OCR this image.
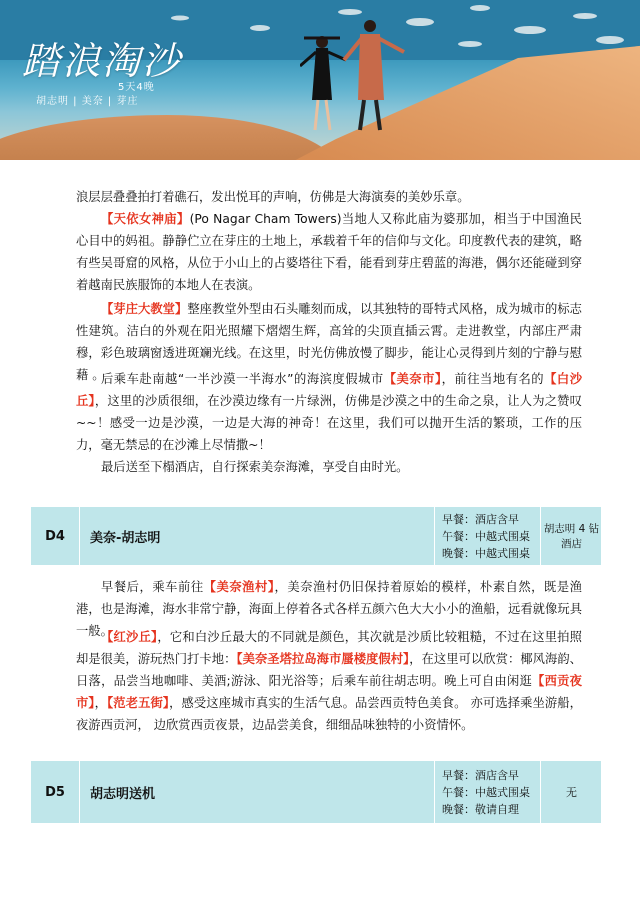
踏浪淘沙
5天4晚
胡志明 | 美奈 | 芽庄
浪层层叠叠拍打着礁石，发出悦耳的声响，仿佛是大海演奏的美妙乐章。
【天依女神庙】(Po Nagar Cham Towers)当地人又称此庙为婆那加，相当于中国渔民心目中的妈祖。静静伫立在芽庄的土地上，承载着千年的信仰与文化。印度教代表的建筑，略有些吴哥窟的风格，从位于小山上的占婆塔往下看，能看到芽庄碧蓝的海港，偶尔还能碰到穿着越南民族服饰的本地人在表演。
【芽庄大教堂】整座教堂外型由石头雕刻而成，以其独特的哥特式风格，成为城市的标志性建筑。洁白的外观在阳光照耀下熠熠生辉，高耸的尖顶直插云霄。走进教堂，内部庄严肃穆，彩色玻璃窗透进斑斓光线。在这里，时光仿佛放慢了脚步，能让心灵得到片刻的宁静与慰藉 。
后乘车赴南越“一半沙漠一半海水”的海滨度假城市【美奈市】，前往当地有名的【白沙丘】，这里的沙质很细，在沙漠边缘有一片绿洲，仿佛是沙漠之中的生命之泉，让人为之赞叹~~！感受一边是沙漠，一边是大海的神奇！在这里，我们可以抛开生活的繁琐，工作的压力，毫无禁忌的在沙滩上尽情撒~！
最后送至下榻酒店，自行探索美奈海滩，享受自由时光。
D4	美奈-胡志明
早餐：酒店含早
午餐：中越式围桌
晚餐：中越式围桌
胡志明 4 钻酒店
早餐后，乘车前往【美奈渔村】，美奈渔村仍旧保持着原始的模样，朴素自然，既是渔港，也是海滩，海水非常宁静，海面上停着各式各样五颜六色大大小小的渔船，远看就像玩具一般。
【红沙丘】，它和白沙丘最大的不同就是颜色，其次就是沙质比较粗糙，不过在这里拍照却是很美，游玩热门打卡地：【美奈圣塔拉岛海市蜃楼度假村】，在这里可以欣赏：椰风海韵、日落，品尝当地咖啡、美酒;游泳、阳光浴等；后乘车前往胡志明。晚上可自由闲逛【西贡夜市】，【范老五街】，感受这座城市真实的生活气息。品尝西贡特色美食。 亦可选择乘坐游船，夜游西贡河， 边欣赏西贡夜景，边品尝美食，细细品味独特的小资情怀。
D5	胡志明送机
早餐：酒店含早
午餐：中越式围桌
晚餐：敬请自理
无
